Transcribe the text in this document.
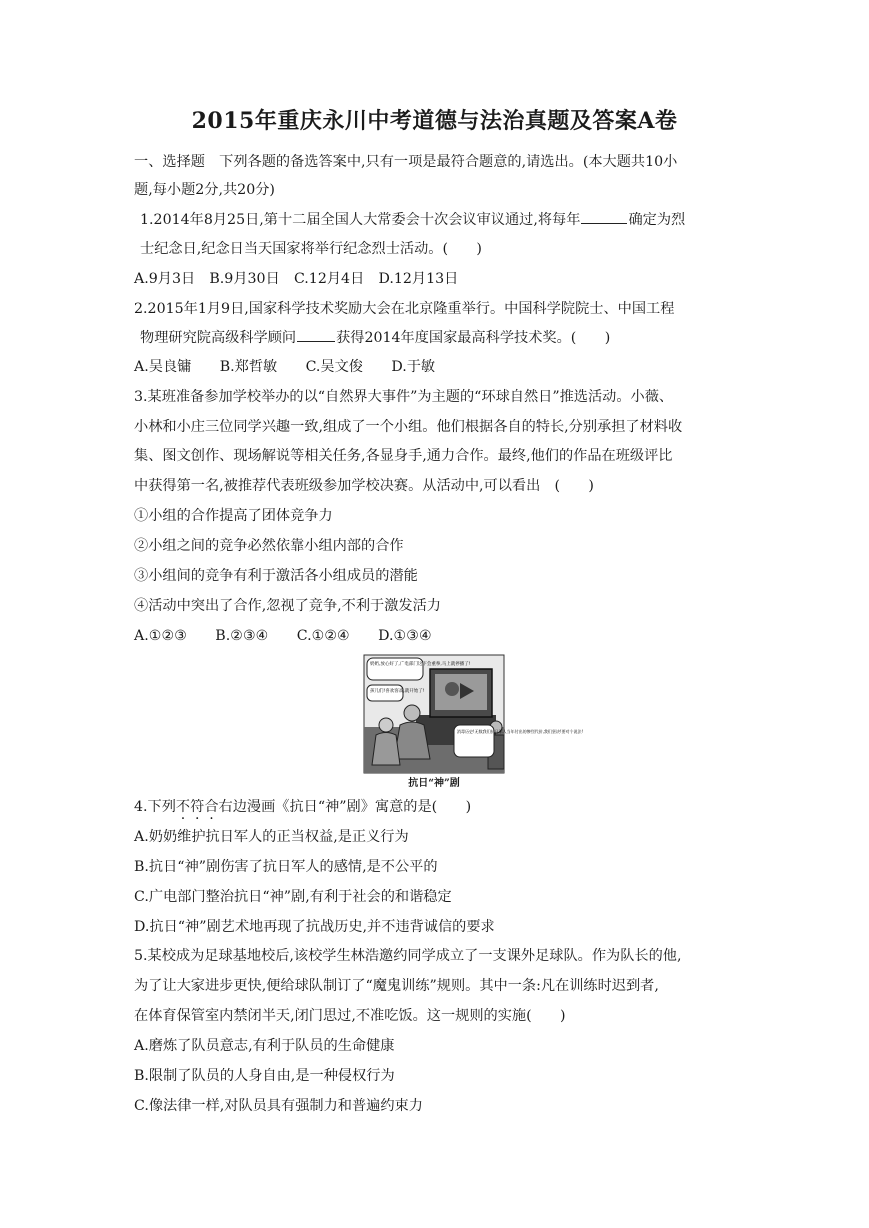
2015年重庆永川中考道德与法治真题及答案A卷
一、选择题　下列各题的备选答案中,只有一项是最符合题意的,请选出。(本大题共10小
题,每小题2分,共20分)
1.2014年8月25日,第十二届全国人大常委会十次会议审议通过,将每年	确定为烈
士纪念日,纪念日当天国家将举行纪念烈士活动。(　　)
A.9月3日　B.9月30日　C.12月4日　D.12月13日
2.2015年1月9日,国家科学技术奖励大会在北京隆重举行。中国科学院院士、中国工程
物理研究院高级科学顾问	获得2014年度国家最高科学技术奖。(　　)
A.吴良镛　　B.郑哲敏　　C.吴文俊　　D.于敏
3.某班准备参加学校举办的以“自然界大事件”为主题的“环球自然日”推选活动。小薇、
小林和小庄三位同学兴趣一致,组成了一个小组。他们根据各自的特长,分别承担了材料收
集、图文创作、现场解说等相关任务,各显身手,通力合作。最终,他们的作品在班级评比
中获得第一名,被推荐代表班级参加学校决赛。从活动中,可以看出　(　　)
①小组的合作提高了团体竞争力
②小组之间的竞争必然依靠小组内部的合作
③小组间的竞争有利于激活各小组成员的潜能
④活动中突出了合作,忽视了竞争,不利于激发活力
A.①②③　　B.②③④　　C.①②④　　D.①③④
奶奶,放心好了,广电部门这下会重拳,马上就停播了!
孩儿们!喜欢客戏,就开始了!
消毒历史!无数我们抗日军人当年付出的惨烈代价,我们坚决!要对个说法!
抗日“神”剧
4.下列不符合右边漫画《抗日“神”剧》寓意的是(　　)
A.奶奶维护抗日军人的正当权益,是正义行为
B.抗日“神”剧伤害了抗日军人的感情,是不公平的
C.广电部门整治抗日“神”剧,有利于社会的和谐稳定
D.抗日“神”剧艺术地再现了抗战历史,并不违背诚信的要求
5.某校成为足球基地校后,该校学生林浩邀约同学成立了一支课外足球队。作为队长的他,
为了让大家进步更快,便给球队制订了“魔鬼训练”规则。其中一条:凡在训练时迟到者,
在体育保管室内禁闭半天,闭门思过,不准吃饭。这一规则的实施(　　)
A.磨炼了队员意志,有利于队员的生命健康
B.限制了队员的人身自由,是一种侵权行为
C.像法律一样,对队员具有强制力和普遍约束力
